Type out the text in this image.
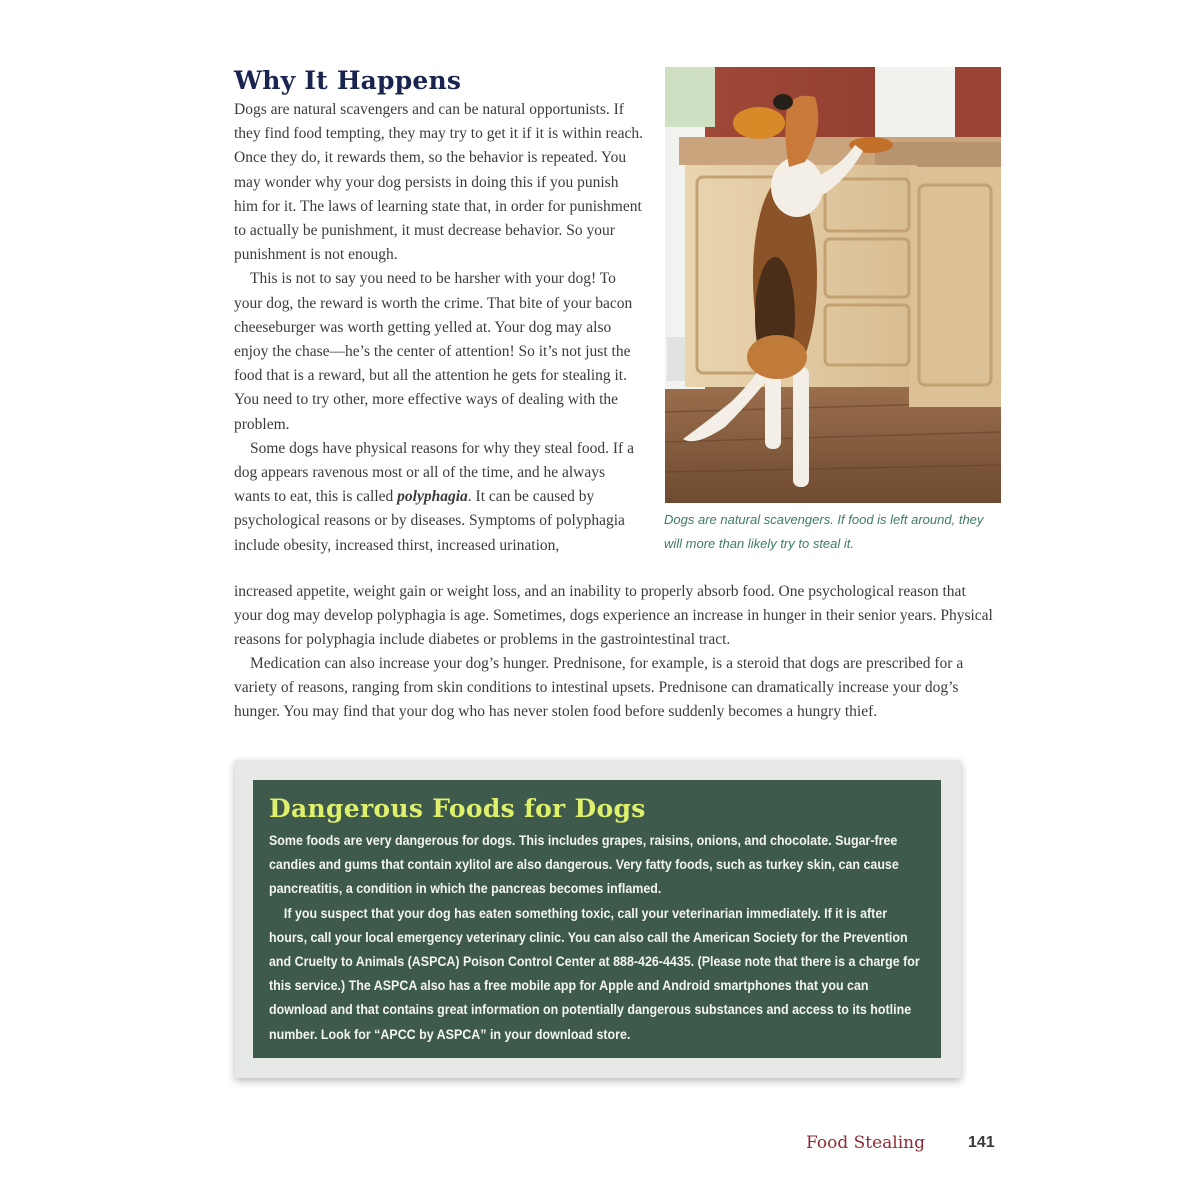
Why It Happens

Dogs are natural scavengers and can be natural opportunists. If they find food tempting, they may try to get it if it is within reach. Once they do, it rewards them, so the behavior is repeated. You may wonder why your dog persists in doing this if you punish him for it. The laws of learning state that, in order for punishment to actually be punishment, it must decrease behavior. So your punishment is not enough.

This is not to say you need to be harsher with your dog! To your dog, the reward is worth the crime. That bite of your bacon cheeseburger was worth getting yelled at. Your dog may also enjoy the chase—he’s the center of attention! So it’s not just the food that is a reward, but all the attention he gets for stealing it. You need to try other, more effective ways of dealing with the problem.

Some dogs have physical reasons for why they steal food. If a dog appears ravenous most or all of the time, and he always wants to eat, this is called polyphagia. It can be caused by psychological reasons or by diseases. Symptoms of polyphagia include obesity, increased thirst, increased urination,

increased appetite, weight gain or weight loss, and an inability to properly absorb food. One psychological reason that your dog may develop polyphagia is age. Sometimes, dogs experience an increase in hunger in their senior years. Physical reasons for polyphagia include diabetes or problems in the gastrointestinal tract.

Medication can also increase your dog’s hunger. Prednisone, for example, is a steroid that dogs are prescribed for a variety of reasons, ranging from skin conditions to intestinal upsets. Prednisone can dramatically increase your dog’s hunger. You may find that your dog who has never stolen food before suddenly becomes a hungry thief.

Dogs are natural scavengers. If food is left around, they will more than likely try to steal it.
Dangerous Foods for Dogs

Some foods are very dangerous for dogs. This includes grapes, raisins, onions, and chocolate. Sugar-free candies and gums that contain xylitol are also dangerous. Very fatty foods, such as turkey skin, can cause pancreatitis, a condition in which the pancreas becomes inflamed.

If you suspect that your dog has eaten something toxic, call your veterinarian immediately. If it is after hours, call your local emergency veterinary clinic. You can also call the American Society for the Prevention and Cruelty to Animals (ASPCA) Poison Control Center at 888-426-4435. (Please note that there is a charge for this service.) The ASPCA also has a free mobile app for Apple and Android smartphones that you can download and that contains great information on potentially dangerous substances and access to its hotline number. Look for “APCC by ASPCA” in your download store.

Food Stealing	141
